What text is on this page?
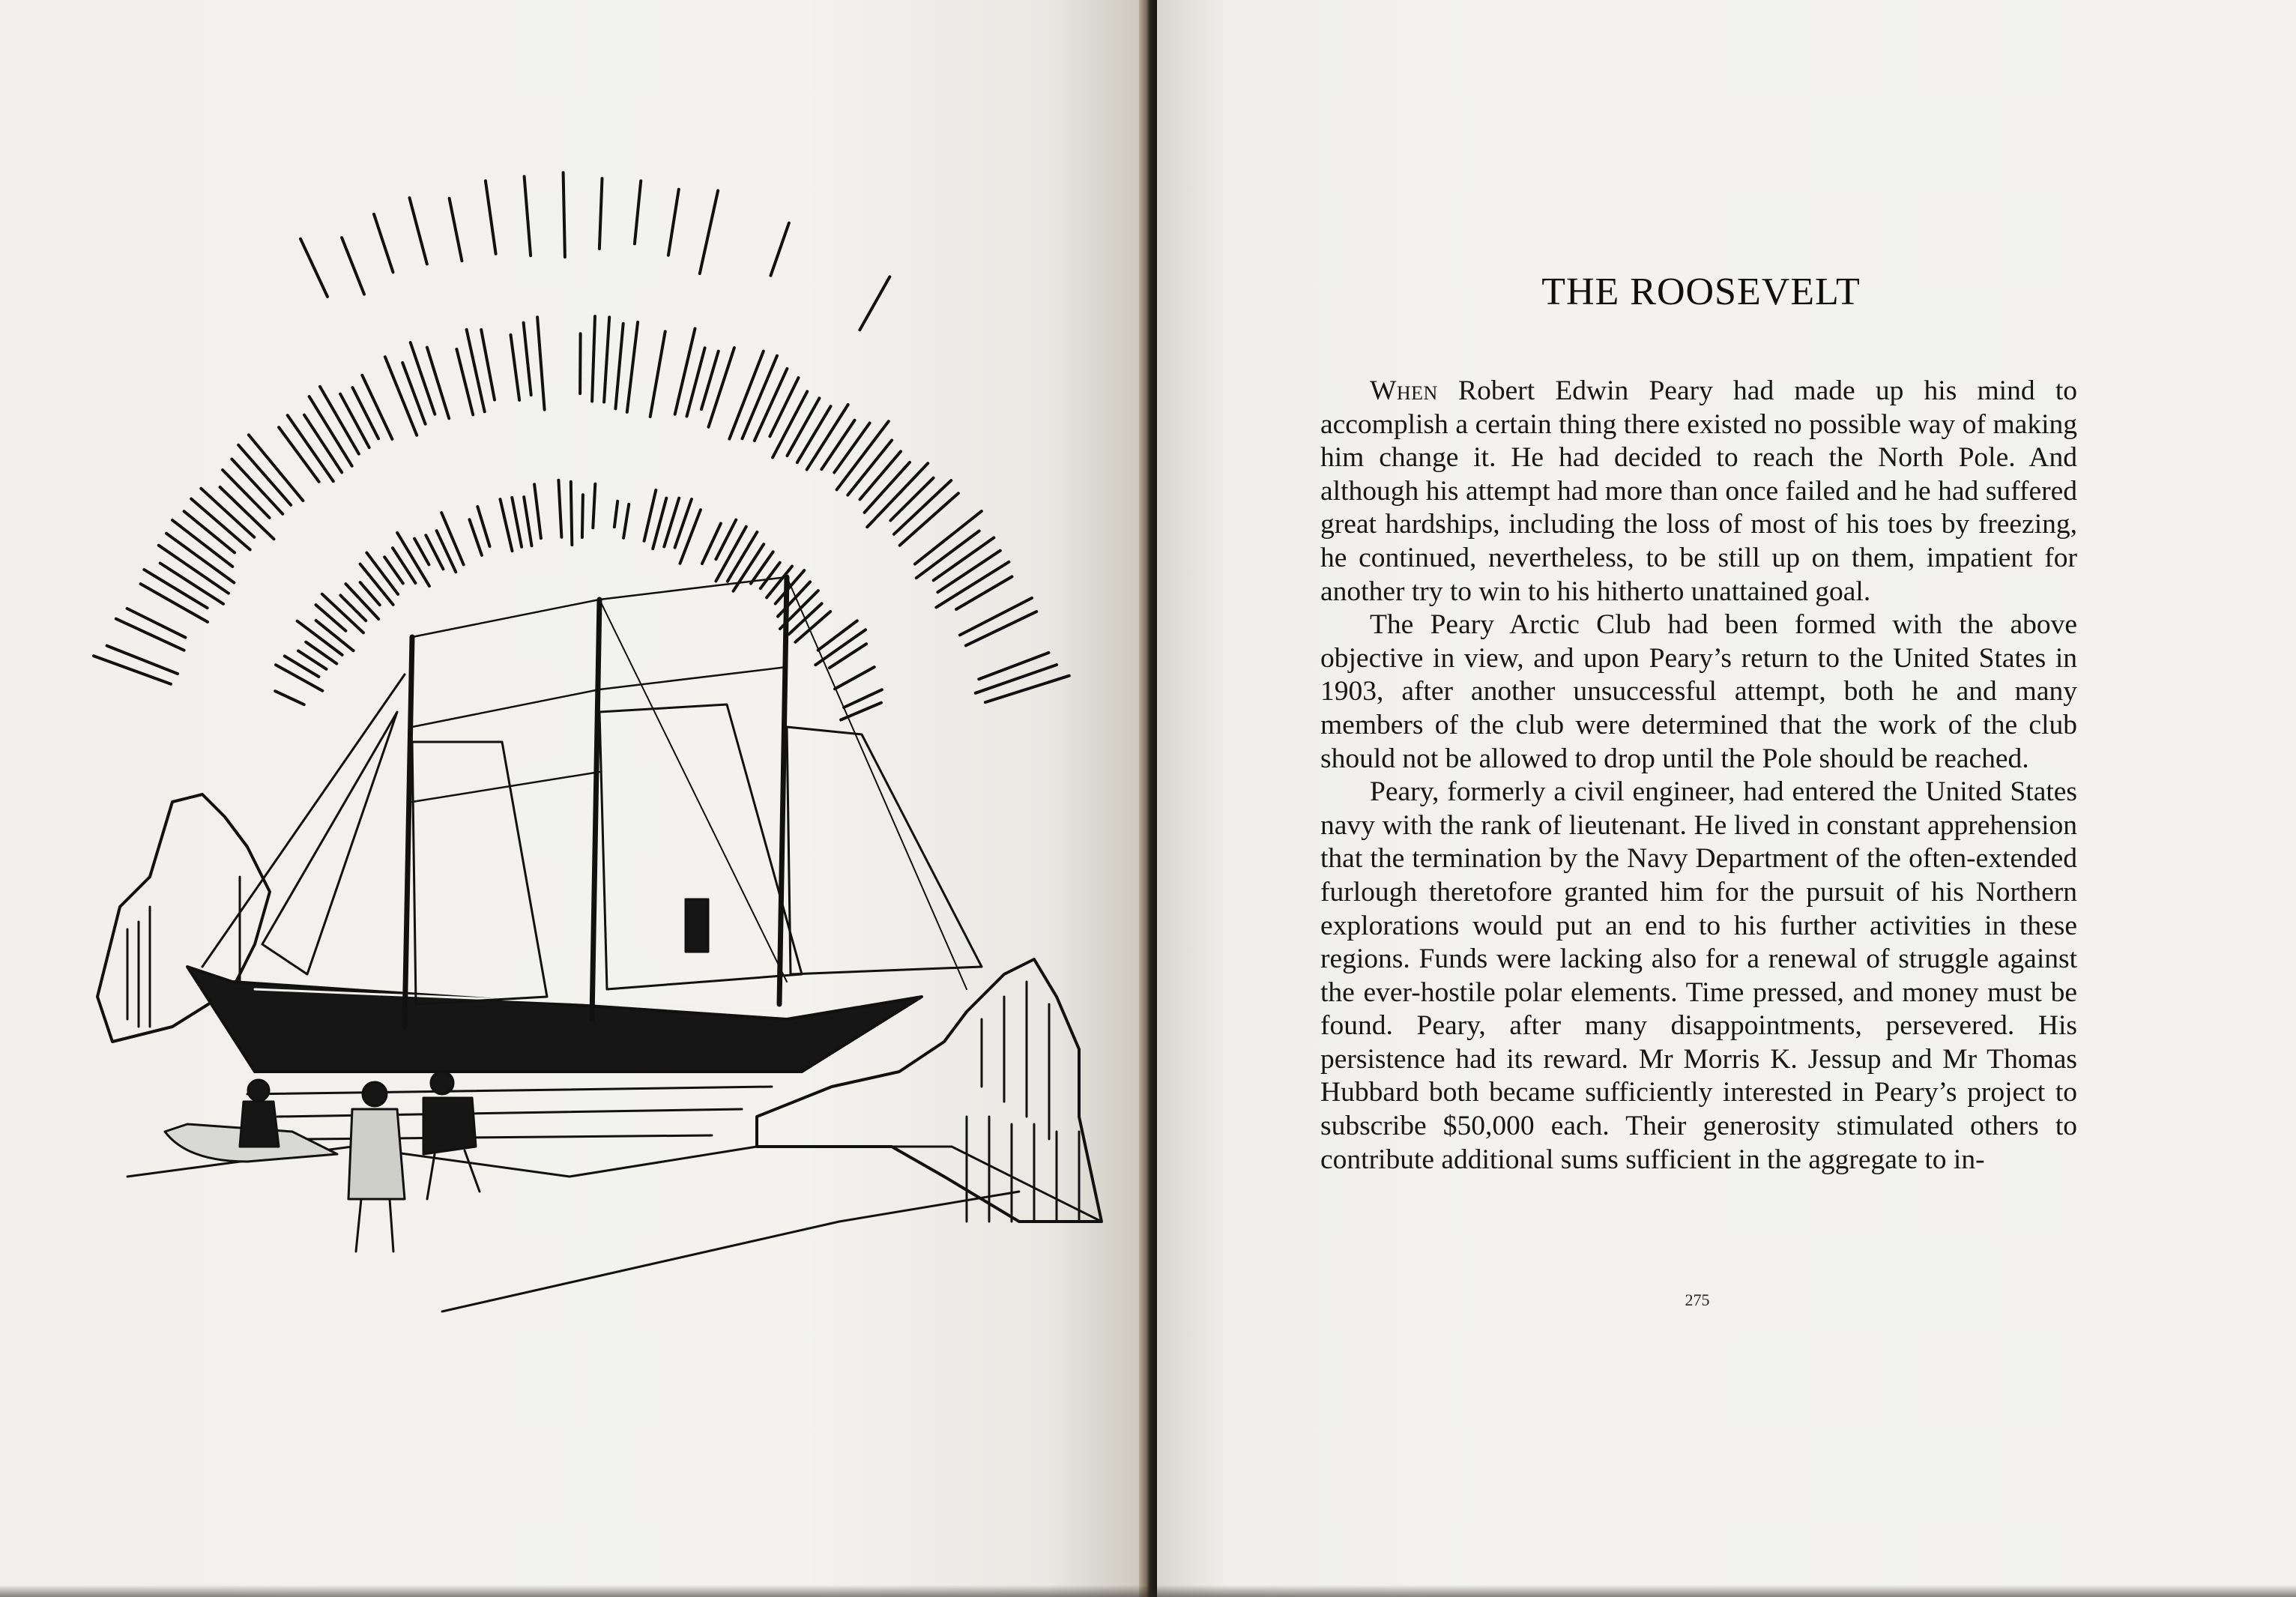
THE ROOSEVELT

When Robert Edwin Peary had made up his mind to accomplish a certain thing there existed no possible way of making him change it. He had decided to reach the North Pole. And although his attempt had more than once failed and he had suffered great hardships, including the loss of most of his toes by freezing, he continued, nevertheless, to be still up on them, impatient for another try to win to his hitherto unattained goal.

The Peary Arctic Club had been formed with the above objective in view, and upon Peary’s return to the United States in 1903, after another unsuccessful attempt, both he and many members of the club were determined that the work of the club should not be allowed to drop until the Pole should be reached.

Peary, formerly a civil engineer, had entered the United States navy with the rank of lieutenant. He lived in constant apprehension that the termination by the Navy Department of the often-extended furlough theretofore granted him for the pursuit of his Northern explorations would put an end to his further activities in these regions. Funds were lacking also for a renewal of struggle against the ever-hostile polar elements. Time pressed, and money must be found. Peary, after many disappointments, persevered. His persistence had its reward. Mr Morris K. Jessup and Mr Thomas Hubbard both became sufficiently interested in Peary’s project to subscribe $50,000 each. Their generosity stimulated others to contribute additional sums sufficient in the aggregate to in-

275
